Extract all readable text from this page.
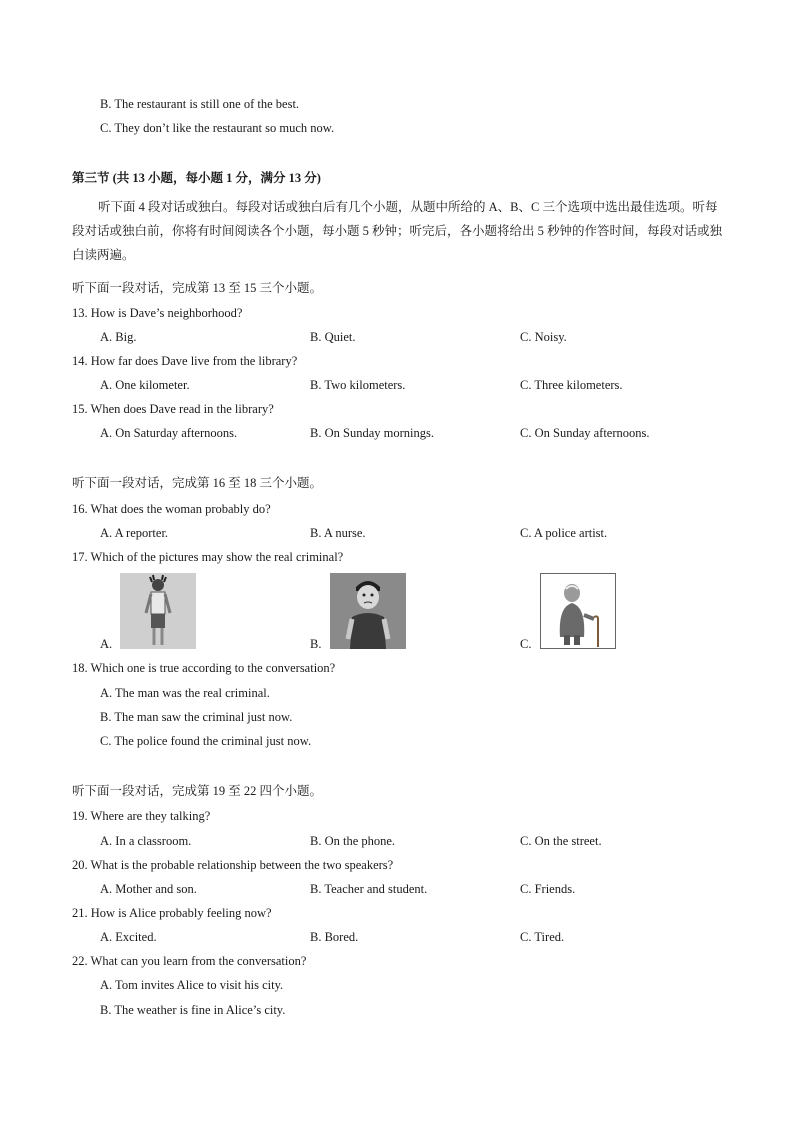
B. The restaurant is still one of the best.
C. They don’t like the restaurant so much now.
第三节 (共 13 小题，每小题 1 分，满分 13 分)
听下面 4 段对话或独白。每段对话或独白后有几个小题，从题中所给的 A、B、C 三个选项中选出最佳选项。听每段对话或独白前，你将有时间阅读各个小题，每小题 5 秒钟；听完后，各小题将给出 5 秒钟的作答时间，每段对话或独白读两遍。
听下面一段对话，完成第 13 至 15 三个小题。
13. How is Dave’s neighborhood?
A. Big.	B. Quiet.	C. Noisy.
14. How far does Dave live from the library?
A. One kilometer.	B. Two kilometers.	C. Three kilometers.
15. When does Dave read in the library?
A. On Saturday afternoons.	B. On Sunday mornings.	C. On Sunday afternoons.
听下面一段对话，完成第 16 至 18 三个小题。
16. What does the woman probably do?
A. A reporter.	B. A nurse.	C. A police artist.
17. Which of the pictures may show the real criminal?
A.	B.	C.
18. Which one is true according to the conversation?
A. The man was the real criminal.
B. The man saw the criminal just now.
C. The police found the criminal just now.
听下面一段对话，完成第 19 至 22 四个小题。
19. Where are they talking?
A. In a classroom.	B. On the phone.	C. On the street.
20. What is the probable relationship between the two speakers?
A. Mother and son.	B. Teacher and student.	C. Friends.
21. How is Alice probably feeling now?
A. Excited.	B. Bored.	C. Tired.
22. What can you learn from the conversation?
A. Tom invites Alice to visit his city.
B. The weather is fine in Alice’s city.
